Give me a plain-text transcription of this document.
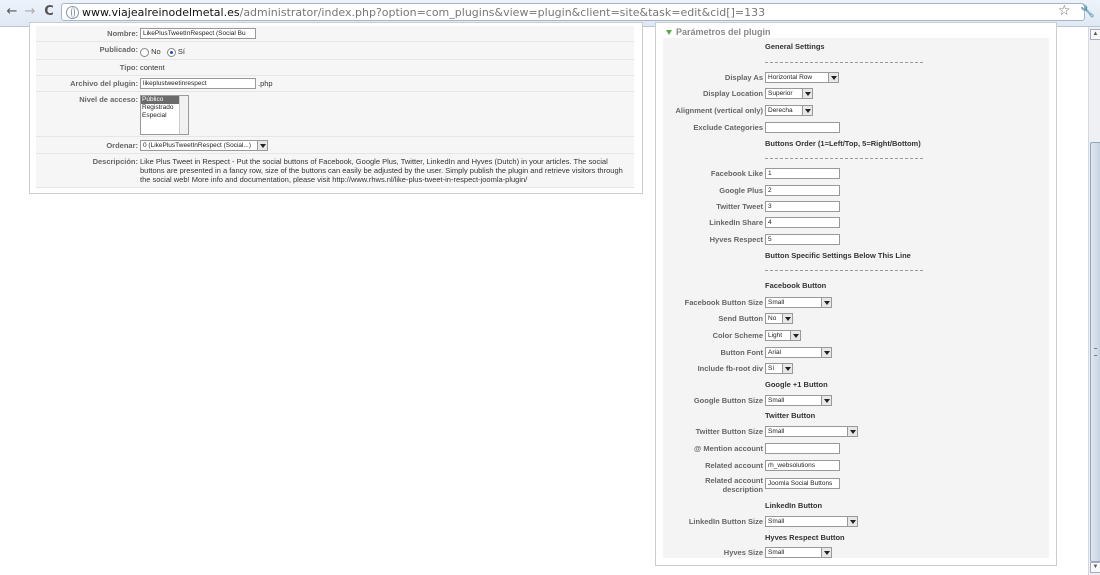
← → C	www.viajealreinodelmetal.es/administrator/index.php?option=com_plugins&view=plugin&client=site&task=edit&cid[]=133	☆ 🔧
▲
▼
Nombre: LikePlusTweetInRespect (Social Bu
Publicado:	No Sí
Tipo: content
Archivo del plugin: likeplustweetinrespect	.php
Nivel de acceso: Público
Registrado
Especial
Ordenar: 0 (LikePlusTweetInRespect (Social...)
Descripción: Like Plus Tweet in Respect - Put the social buttons of Facebook, Google Plus, Twitter, LinkedIn and Hyves (Dutch) in your articles. The social buttons are presented in a fancy row, size of the buttons can easily be adjusted by the user. Simply publish the plugin and retrieve visitors through the social web! More info and documentation, please visit http://www.rhws.nl/like-plus-tweet-in-respect-joomla-plugin/
Parámetros del plugin
General Settings
Display As Horizontal Row
Display Location Superior
Alignment (vertical only) Derecha
Exclude Categories
Buttons Order (1=Left/Top, 5=Right/Bottom)
Facebook Like 1
Google Plus 2
Twitter Tweet 3
LinkedIn Share 4
Hyves Respect 5
Button Specific Settings Below This Line
Facebook Button
Facebook Button Size Small
Send Button No
Color Scheme Light
Button Font Arial
Include fb-root div Sí
Google +1 Button
Google Button Size Small
Twitter Button
Twitter Button Size Small
@ Mention account
Related account rh_websolutions
Related account
description
Joomla Social Buttons
LinkedIn Button
LinkedIn Button Size Small
Hyves Respect Button
Hyves Size Small
